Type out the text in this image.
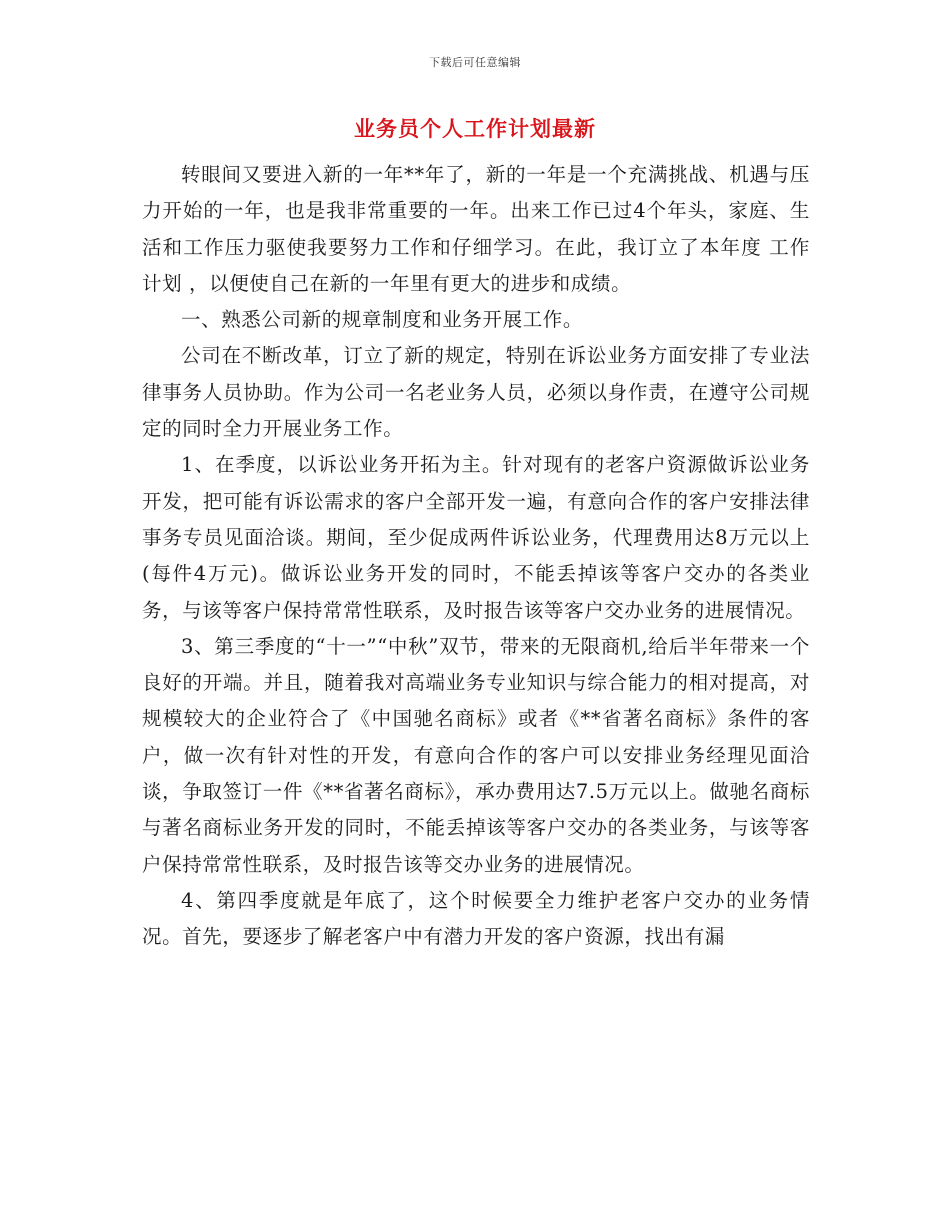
下载后可任意编辑
业务员个人工作计划最新

转眼间又要进入新的一年**年了，新的一年是一个充满挑战、机遇与压力开始的一年，也是我非常重要的一年。出来工作已过4个年头，家庭、生活和工作压力驱使我要努力工作和仔细学习。在此，我订立了本年度 工作计划 ，以便使自己在新的一年里有更大的进步和成绩。

一、熟悉公司新的规章制度和业务开展工作。

公司在不断改革，订立了新的规定，特别在诉讼业务方面安排了专业法律事务人员协助。作为公司一名老业务人员，必须以身作责，在遵守公司规定的同时全力开展业务工作。

1、在季度，以诉讼业务开拓为主。针对现有的老客户资源做诉讼业务开发，把可能有诉讼需求的客户全部开发一遍，有意向合作的客户安排法律事务专员见面洽谈。期间，至少促成两件诉讼业务，代理费用达8万元以上(每件4万元)。做诉讼业务开发的同时，不能丢掉该等客户交办的各类业务，与该等客户保持常常性联系，及时报告该等客户交办业务的进展情况。

3、第三季度的“十一”“中秋”双节，带来的无限商机,给后半年带来一个良好的开端。并且，随着我对高端业务专业知识与综合能力的相对提高，对规模较大的企业符合了《中国驰名商标》或者《**省著名商标》条件的客户，做一次有针对性的开发，有意向合作的客户可以安排业务经理见面洽谈，争取签订一件《**省著名商标》，承办费用达7.5万元以上。做驰名商标与著名商标业务开发的同时，不能丢掉该等客户交办的各类业务，与该等客户保持常常性联系，及时报告该等交办业务的进展情况。

4、第四季度就是年底了，这个时候要全力维护老客户交办的业务情况。首先，要逐步了解老客户中有潜力开发的客户资源，找出有漏
